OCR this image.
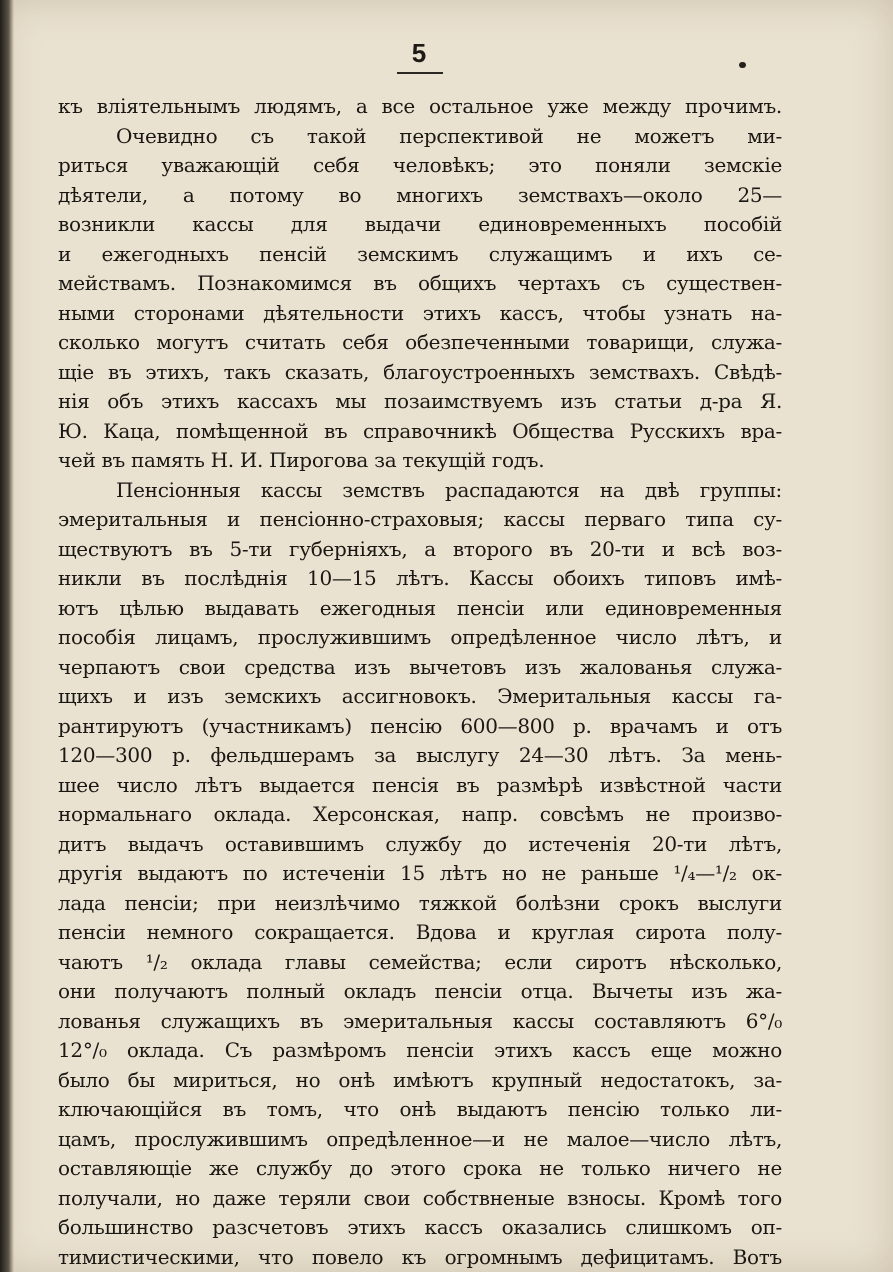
5
къ вліятельнымъ людямъ, а все остальное уже между прочимъ.
Очевидно съ такой перспективой не можетъ ми-
риться уважающій себя человѣкъ; это поняли земскіе
дѣятели, а потому во многихъ земствахъ—около 25—
возникли кассы для выдачи единовременныхъ пособій
и ежегодныхъ пенсій земскимъ служащимъ и ихъ се-
мействамъ. Познакомимся въ общихъ чертахъ съ существен-
ными сторонами дѣятельности этихъ кассъ, чтобы узнать на-
сколько могутъ считать себя обезпеченными товарищи, служа-
щіе въ этихъ, такъ сказать, благоустроенныхъ земствахъ. Свѣдѣ-
нія объ этихъ кассахъ мы позаимствуемъ изъ статьи д-ра Я.
Ю. Каца, помѣщенной въ справочникѣ Общества Русскихъ вра-
чей въ память Н. И. Пирогова за текущій годъ.
Пенсіонныя кассы земствъ распадаются на двѣ группы:
эмеритальныя и пенсіонно-страховыя; кассы перваго типа су-
ществуютъ въ 5-ти губерніяхъ, а второго въ 20-ти и всѣ воз-
никли въ послѣднія 10—15 лѣтъ. Кассы обоихъ типовъ имѣ-
ютъ цѣлью выдавать ежегодныя пенсіи или единовременныя
пособія лицамъ, прослужившимъ опредѣленное число лѣтъ, и
черпаютъ свои средства изъ вычетовъ изъ жалованья служа-
щихъ и изъ земскихъ ассигновокъ. Эмеритальныя кассы га-
рантируютъ (участникамъ) пенсію 600—800 р. врачамъ и отъ
120—300 р. фельдшерамъ за выслугу 24—30 лѣтъ. За мень-
шее число лѣтъ выдается пенсія въ размѣрѣ извѣстной части
нормальнаго оклада. Херсонская, напр. совсѣмъ не произво-
дитъ выдачъ оставившимъ службу до истеченія 20-ти лѣтъ,
другія выдаютъ по истеченіи 15 лѣтъ но не раньше ¹/₄—¹/₂ ок-
лада пенсіи; при неизлѣчимо тяжкой болѣзни срокъ выслуги
пенсіи немного сокращается. Вдова и круглая сирота полу-
чаютъ ¹/₂ оклада главы семейства; если сиротъ нѣсколько,
они получаютъ полный окладъ пенсіи отца. Вычеты изъ жа-
лованья служащихъ въ эмеритальныя кассы составляютъ 6°/₀
12°/₀ оклада. Съ размѣромъ пенсіи этихъ кассъ еще можно
было бы мириться, но онѣ имѣютъ крупный недостатокъ, за-
ключающійся въ томъ, что онѣ выдаютъ пенсію только ли-
цамъ, прослужившимъ опредѣленное—и не малое—число лѣтъ,
оставляющіе же службу до этого срока не только ничего не
получали, но даже теряли свои собствненые взносы. Кромѣ того
большинство разсчетовъ этихъ кассъ оказались слишкомъ оп-
тимистическими, что повело къ огромнымъ дефицитамъ. Вотъ
